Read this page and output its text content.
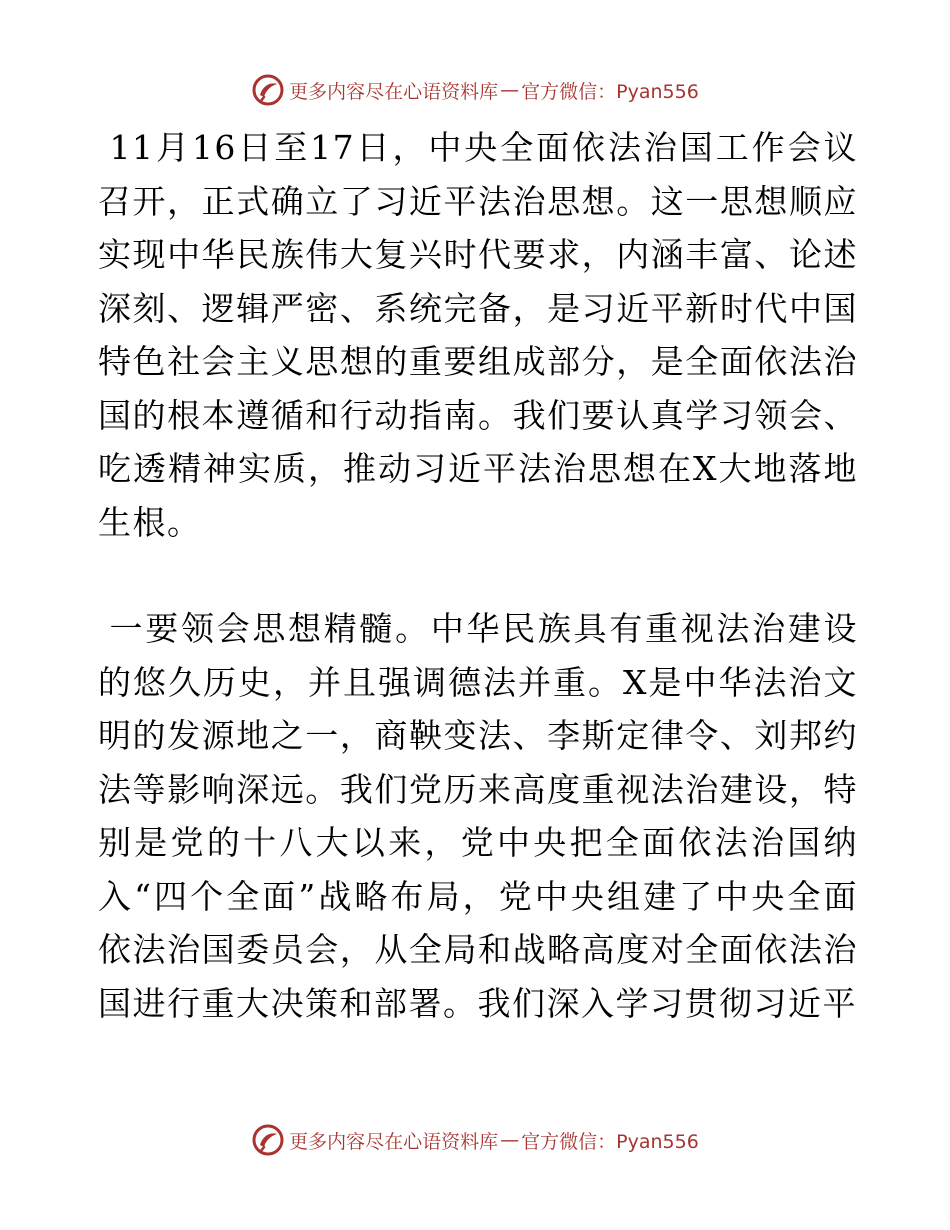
更多内容尽在心语资料库 — 官方微信：Pyan556

11月16日至17日，中央全面依法治国工作会议召开，正式确立了习近平法治思想。这一思想顺应实现中华民族伟大复兴时代要求，内涵丰富、论述深刻、逻辑严密、系统完备，是习近平新时代中国特色社会主义思想的重要组成部分，是全面依法治国的根本遵循和行动指南。我们要认真学习领会、吃透精神实质，推动习近平法治思想在X大地落地生根。

一要领会思想精髓。中华民族具有重视法治建设的悠久历史，并且强调德法并重。X是中华法治文明的发源地之一，商鞅变法、李斯定律令、刘邦约法等影响深远。我们党历来高度重视法治建设，特别是党的十八大以来，党中央把全面依法治国纳入“四个全面”战略布局，党中央组建了中央全面依法治国委员会，从全局和战略高度对全面依法治国进行重大决策和部署。我们深入学习贯彻习近平

更多内容尽在心语资料库 — 官方微信：Pyan556
